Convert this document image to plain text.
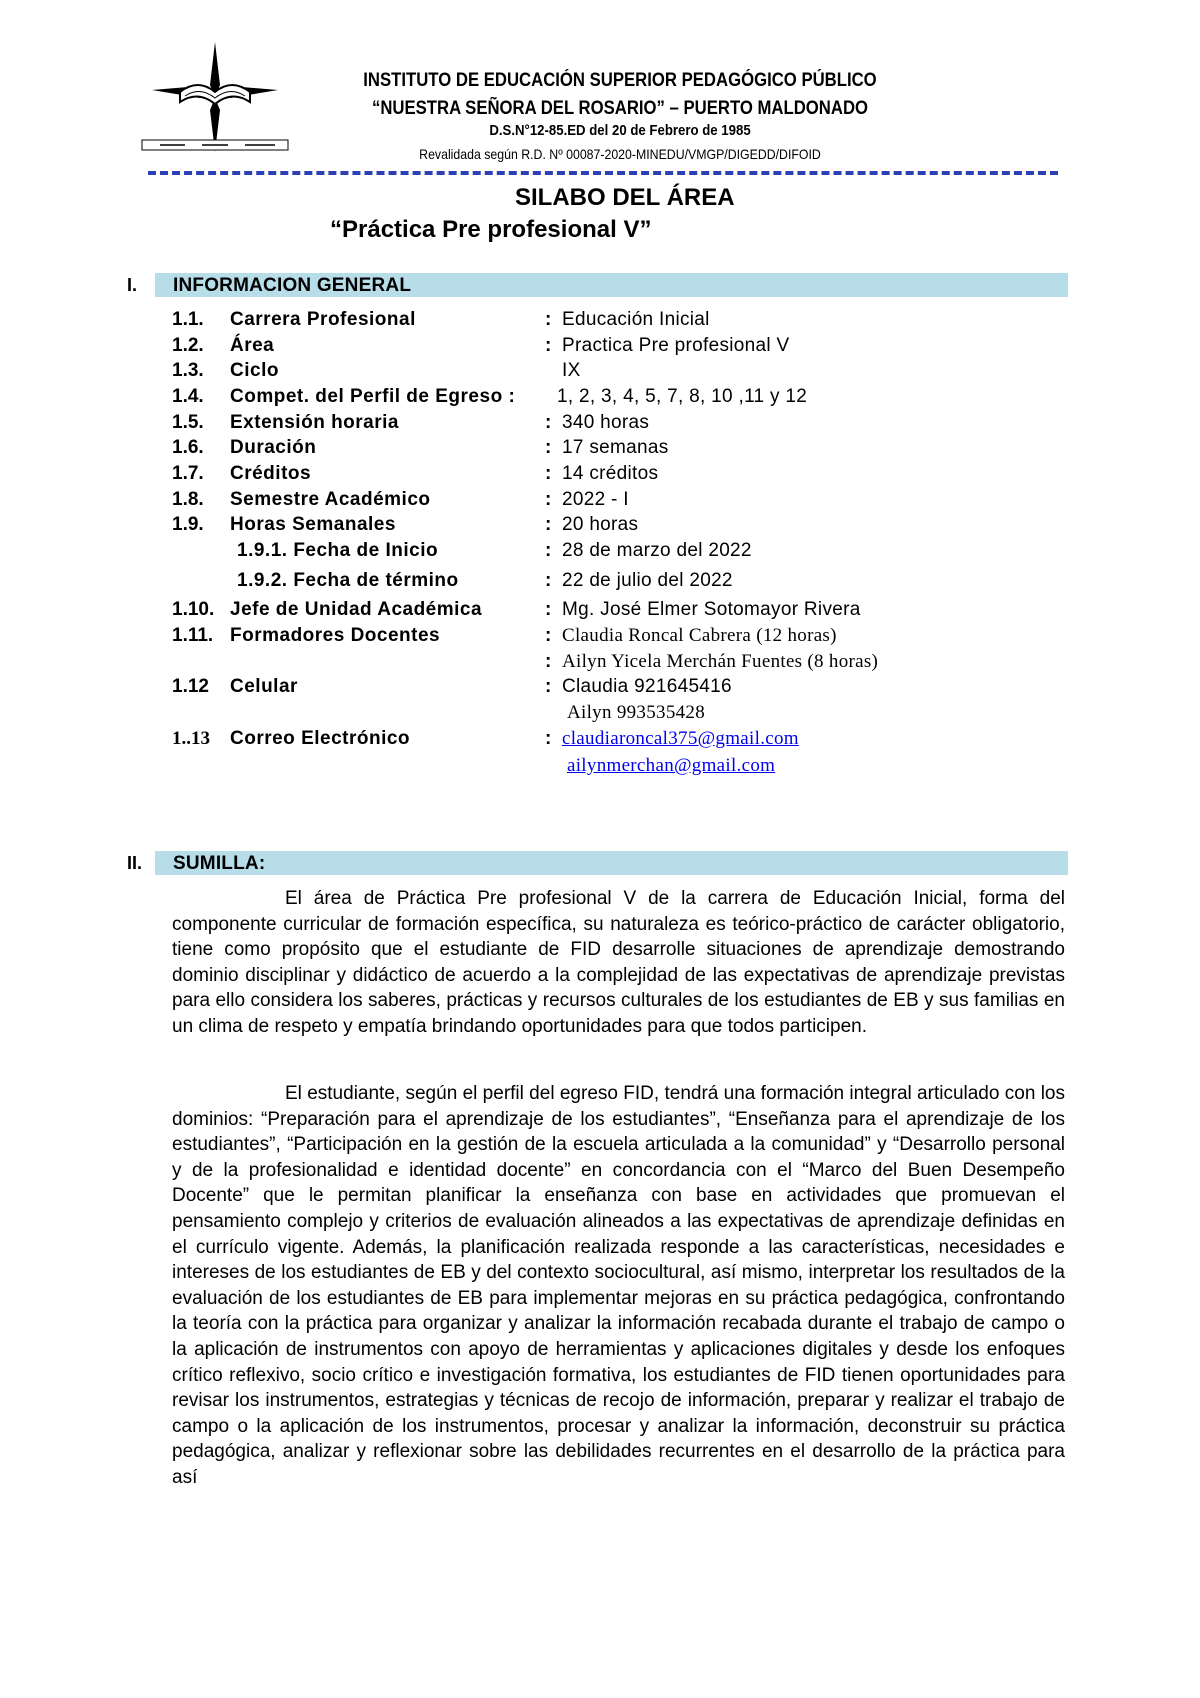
INSTITUTO DE EDUCACIÓN SUPERIOR PEDAGÓGICO PÚBLICO
“NUESTRA SEÑORA DEL ROSARIO” – PUERTO MALDONADO
D.S.N°12-85.ED del 20 de Febrero de 1985
Revalidada según R.D. Nº 00087-2020-MINEDU/VMGP/DIGEDD/DIFOID
SILABO DEL ÁREA
“Práctica Pre profesional V”
I. INFORMACION GENERAL
1.1. Carrera Profesional	: Educación Inicial
1.2. Área	: Practica Pre profesional V
1.3. Ciclo	IX
1.4. Compet. del Perfil de Egreso : 1, 2, 3, 4, 5, 7, 8, 10 ,11 y 12
1.5. Extensión horaria	: 340 horas
1.6. Duración	: 17 semanas
1.7. Créditos	: 14 créditos
1.8. Semestre Académico	: 2022 - I
1.9. Horas Semanales	: 20 horas
1.9.1. Fecha de Inicio	: 28 de marzo del 2022
1.9.2. Fecha de término	: 22 de julio del 2022
1.10. Jefe de Unidad Académica	: Mg. José Elmer Sotomayor Rivera
1.11. Formadores Docentes	: Claudia Roncal Cabrera (12 horas)
: Ailyn Yicela Merchán Fuentes (8 horas)
1.12 Celular	: Claudia 921645416
Ailyn 993535428
1..13 Correo Electrónico	: claudiaroncal375@gmail.com
ailynmerchan@gmail.com
II. SUMILLA:
El área de Práctica Pre profesional V de la carrera de Educación Inicial, forma del componente curricular de formación específica, su naturaleza es teórico-práctico de carácter obligatorio, tiene como propósito que el estudiante de FID desarrolle situaciones de aprendizaje demostrando dominio disciplinar y didáctico de acuerdo a la complejidad de las expectativas de aprendizaje previstas para ello considera los saberes, prácticas y recursos culturales de los estudiantes de EB y sus familias en un clima de respeto y empatía brindando oportunidades para que todos participen.
El estudiante, según el perfil del egreso FID, tendrá una formación integral articulado con los dominios: “Preparación para el aprendizaje de los estudiantes”, “Enseñanza para el aprendizaje de los estudiantes”, “Participación en la gestión de la escuela articulada a la comunidad” y “Desarrollo personal y de la profesionalidad e identidad docente” en concordancia con el “Marco del Buen Desempeño Docente” que le permitan planificar la enseñanza con base en actividades que promuevan el pensamiento complejo y criterios de evaluación alineados a las expectativas de aprendizaje definidas en el currículo vigente. Además, la planificación realizada responde a las características, necesidades e intereses de los estudiantes de EB y del contexto sociocultural, así mismo, interpretar los resultados de la evaluación de los estudiantes de EB para implementar mejoras en su práctica pedagógica, confrontando la teoría con la práctica para organizar y analizar la información recabada durante el trabajo de campo o la aplicación de instrumentos con apoyo de herramientas y aplicaciones digitales y desde los enfoques crítico reflexivo, socio crítico e investigación formativa, los estudiantes de FID tienen oportunidades para revisar los instrumentos, estrategias y técnicas de recojo de información, preparar y realizar el trabajo de campo o la aplicación de los instrumentos, procesar y analizar la información, deconstruir su práctica pedagógica, analizar y reflexionar sobre las debilidades recurrentes en el desarrollo de la práctica para así
